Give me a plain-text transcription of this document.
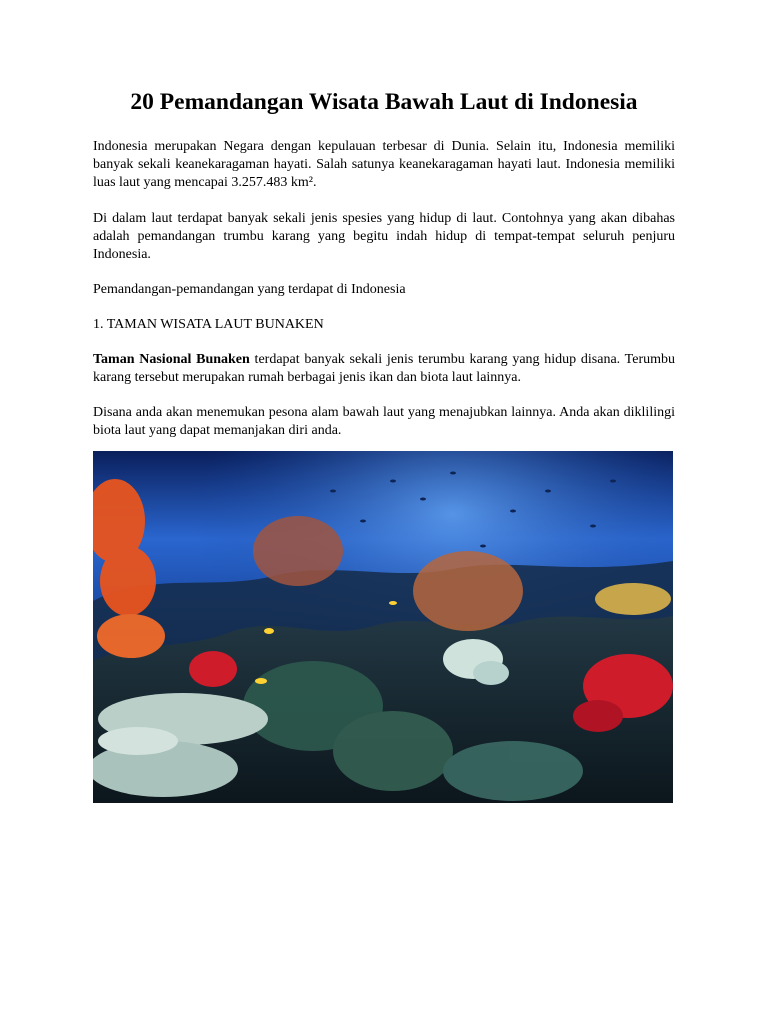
20 Pemandangan Wisata Bawah Laut di Indonesia

Indonesia merupakan Negara dengan kepulauan terbesar di Dunia. Selain itu, Indonesia memiliki banyak sekali keanekaragaman hayati. Salah satunya keanekaragaman hayati laut. Indonesia memiliki luas laut yang mencapai 3.257.483 km².

Di dalam laut terdapat banyak sekali jenis spesies yang hidup di laut. Contohnya yang akan dibahas adalah pemandangan trumbu karang yang begitu indah hidup di tempat-tempat seluruh penjuru Indonesia.

Pemandangan-pemandangan yang terdapat di Indonesia

1. TAMAN WISATA LAUT BUNAKEN

Taman Nasional Bunaken terdapat banyak sekali jenis terumbu karang yang hidup disana. Terumbu karang tersebut merupakan rumah berbagai jenis ikan dan biota laut lainnya.

Disana anda akan menemukan pesona alam bawah laut yang menajubkan lainnya. Anda akan diklilingi biota laut yang dapat memanjakan diri anda.
